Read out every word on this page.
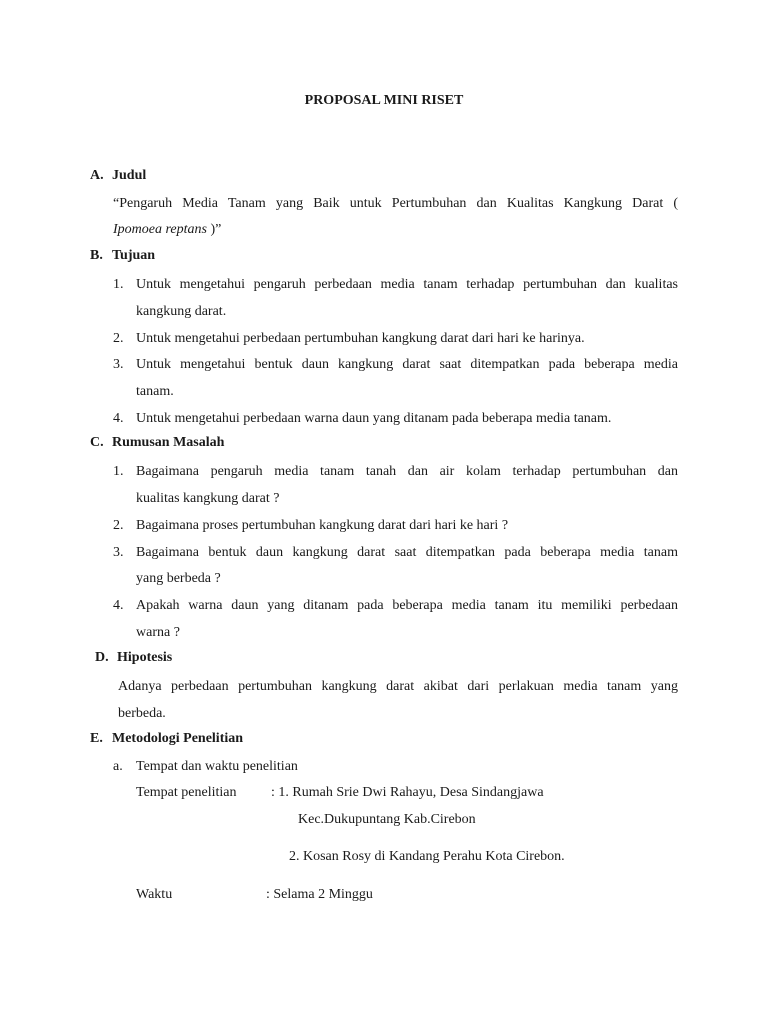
PROPOSAL MINI RISET
A. Judul
“Pengaruh Media Tanam yang Baik untuk Pertumbuhan dan Kualitas Kangkung Darat (
Ipomoea reptans )”
B. Tujuan
1. Untuk mengetahui pengaruh perbedaan media tanam terhadap pertumbuhan dan kualitas
kangkung darat.
2. Untuk mengetahui perbedaan pertumbuhan kangkung darat dari hari ke harinya.
3. Untuk mengetahui bentuk daun kangkung darat saat ditempatkan pada beberapa media
tanam.
4. Untuk mengetahui perbedaan warna daun yang ditanam pada beberapa media tanam.
C. Rumusan Masalah
1. Bagaimana pengaruh media tanam tanah dan air kolam terhadap pertumbuhan dan
kualitas kangkung darat ?
2. Bagaimana proses pertumbuhan kangkung darat dari hari ke hari ?
3. Bagaimana bentuk daun kangkung darat saat ditempatkan pada beberapa media tanam
yang berbeda ?
4. Apakah warna daun yang ditanam pada beberapa media tanam itu memiliki perbedaan
warna ?
D. Hipotesis
Adanya perbedaan pertumbuhan kangkung darat akibat dari perlakuan media tanam yang
berbeda.
E. Metodologi Penelitian
a. Tempat dan waktu penelitian
Tempat penelitian : 1. Rumah Srie Dwi Rahayu, Desa Sindangjawa
Kec.Dukupuntang Kab.Cirebon
2. Kosan Rosy di Kandang Perahu Kota Cirebon.
Waktu	: Selama 2 Minggu
